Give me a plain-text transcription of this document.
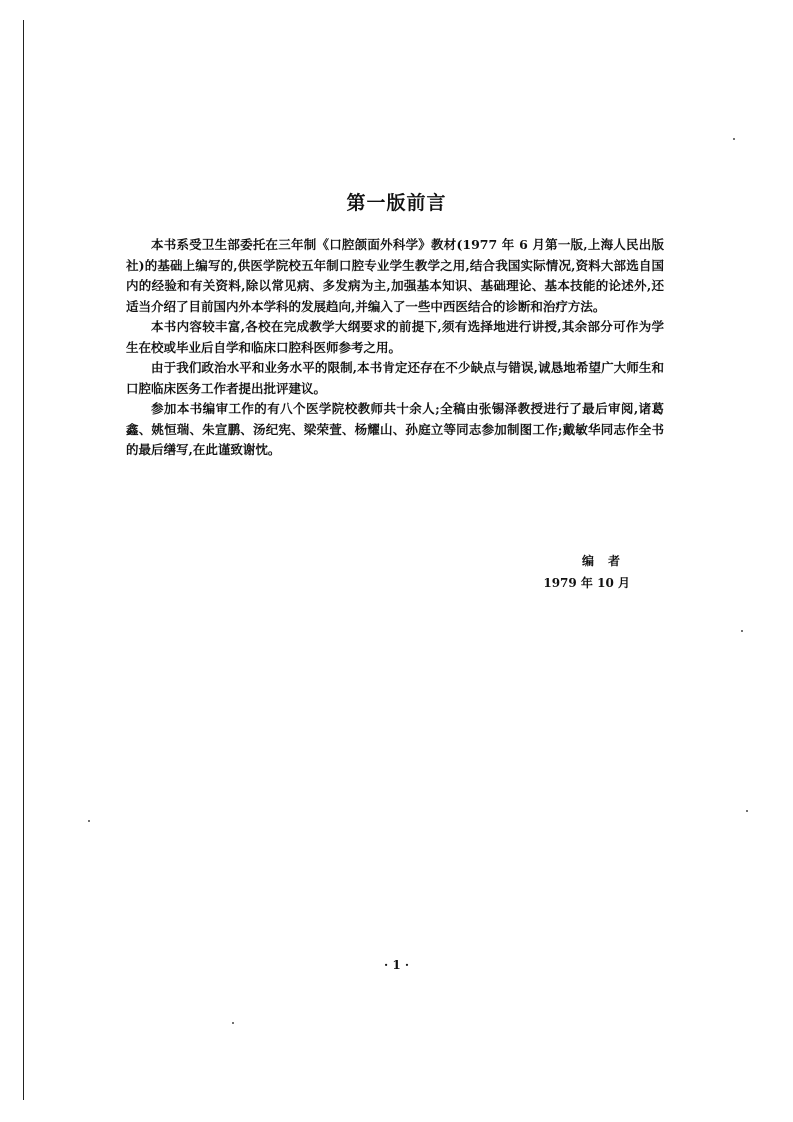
第一版前言

本书系受卫生部委托在三年制《口腔颌面外科学》教材(1977 年 6 月第一版,上海人民出版社)的基础上编写的,供医学院校五年制口腔专业学生教学之用,结合我国实际情况,资料大部选自国内的经验和有关资料,除以常见病、多发病为主,加强基本知识、基础理论、基本技能的论述外,还适当介绍了目前国内外本学科的发展趋向,并编入了一些中西医结合的诊断和治疗方法。

本书内容较丰富,各校在完成教学大纲要求的前提下,须有选择地进行讲授,其余部分可作为学生在校或毕业后自学和临床口腔科医师参考之用。

由于我们政治水平和业务水平的限制,本书肯定还存在不少缺点与错误,诚恳地希望广大师生和口腔临床医务工作者提出批评建议。

参加本书编审工作的有八个医学院校教师共十余人;全稿由张锡泽教授进行了最后审阅,诸葛鑫、姚恒瑞、朱宣鹏、汤纪宪、梁荣萱、杨耀山、孙庭立等同志参加制图工作;戴敏华同志作全书的最后缮写,在此谨致谢忱。

编者
1979 年 10 月
· 1 ·
